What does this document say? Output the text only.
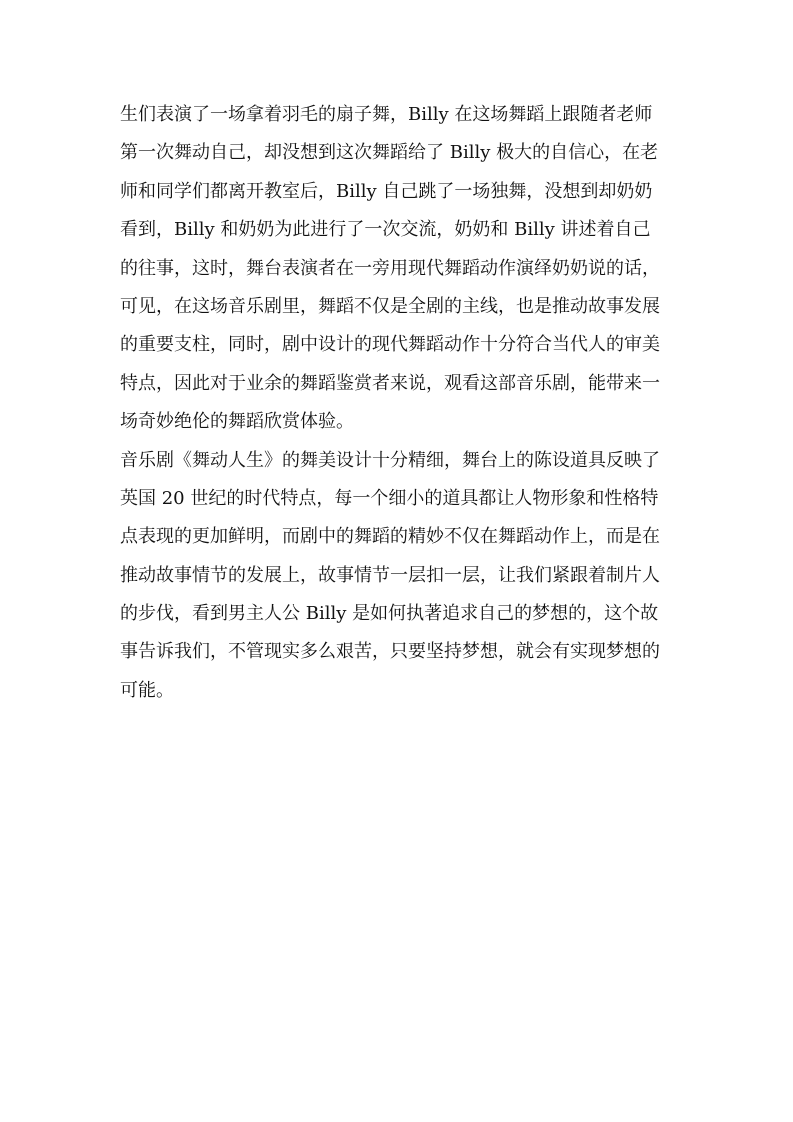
生们表演了一场拿着羽毛的扇子舞，Billy 在这场舞蹈上跟随者老师
第一次舞动自己，却没想到这次舞蹈给了 Billy 极大的自信心，在老
师和同学们都离开教室后，Billy 自己跳了一场独舞，没想到却奶奶
看到，Billy 和奶奶为此进行了一次交流，奶奶和 Billy 讲述着自己
的往事，这时，舞台表演者在一旁用现代舞蹈动作演绎奶奶说的话，
可见，在这场音乐剧里，舞蹈不仅是全剧的主线，也是推动故事发展
的重要支柱，同时，剧中设计的现代舞蹈动作十分符合当代人的审美
特点，因此对于业余的舞蹈鉴赏者来说，观看这部音乐剧，能带来一
场奇妙绝伦的舞蹈欣赏体验。
音乐剧《舞动人生》的舞美设计十分精细，舞台上的陈设道具反映了
英国 20 世纪的时代特点，每一个细小的道具都让人物形象和性格特
点表现的更加鲜明，而剧中的舞蹈的精妙不仅在舞蹈动作上，而是在
推动故事情节的发展上，故事情节一层扣一层，让我们紧跟着制片人
的步伐，看到男主人公 Billy 是如何执著追求自己的梦想的，这个故
事告诉我们，不管现实多么艰苦，只要坚持梦想，就会有实现梦想的
可能。
